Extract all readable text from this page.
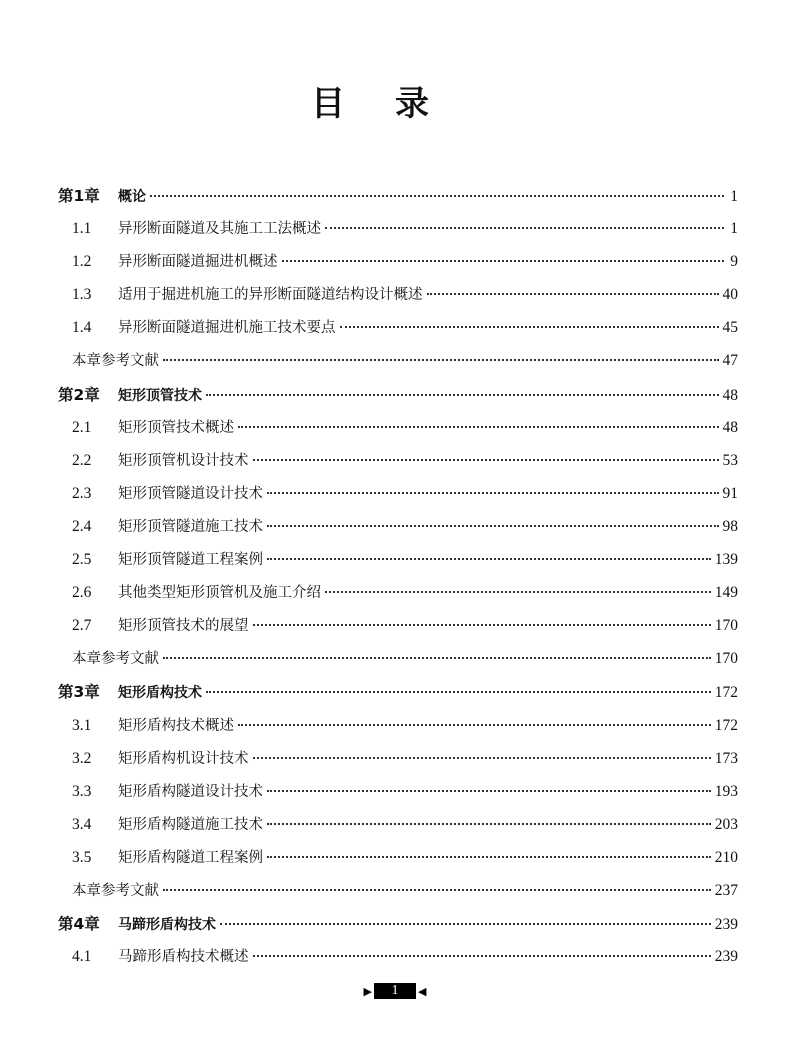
目录
第1章	概论	1
1.1	异形断面隧道及其施工工法概述	1
1.2	异形断面隧道掘进机概述	9
1.3	适用于掘进机施工的异形断面隧道结构设计概述	40
1.4	异形断面隧道掘进机施工技术要点	45
本章参考文献	47
第2章	矩形顶管技术	48
2.1	矩形顶管技术概述	48
2.2	矩形顶管机设计技术	53
2.3	矩形顶管隧道设计技术	91
2.4	矩形顶管隧道施工技术	98
2.5	矩形顶管隧道工程案例	139
2.6	其他类型矩形顶管机及施工介绍	149
2.7	矩形顶管技术的展望	170
本章参考文献	170
第3章	矩形盾构技术	172
3.1	矩形盾构技术概述	172
3.2	矩形盾构机设计技术	173
3.3	矩形盾构隧道设计技术	193
3.4	矩形盾构隧道施工技术	203
3.5	矩形盾构隧道工程案例	210
本章参考文献	237
第4章	马蹄形盾构技术	239
4.1	马蹄形盾构技术概述	239
▶	1	◀
